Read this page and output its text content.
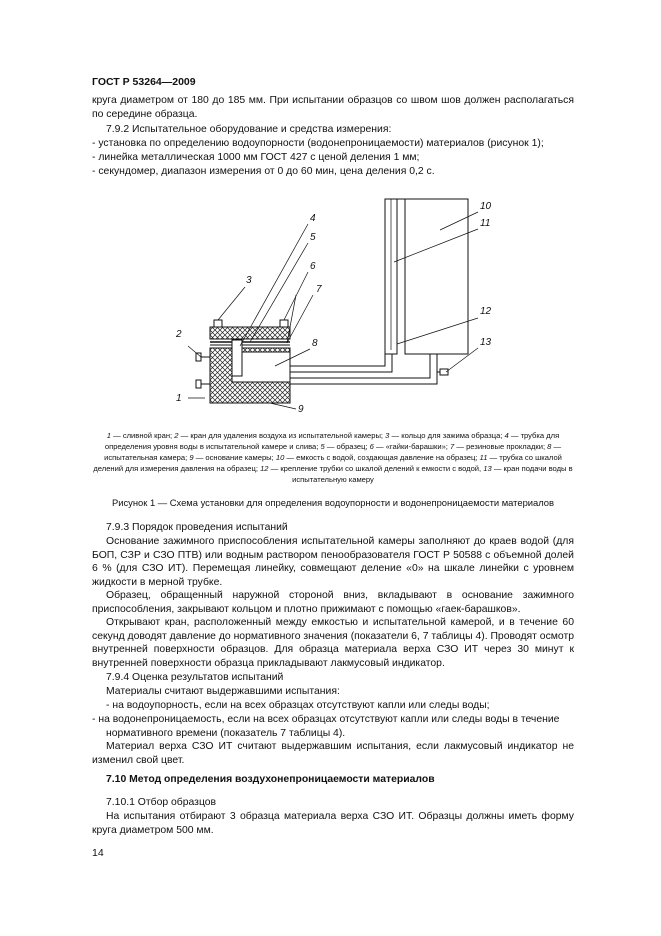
ГОСТ Р 53264—2009

круга диаметром от 180 до 185 мм. При испытании образцов со швом шов должен располагаться по середине образца.

7.9.2 Испытательное оборудование и средства измерения:

- установка по определению водоупорности (водонепроницаемости) материалов (рисунок 1);

- линейка металлическая 1000 мм ГОСТ 427 с ценой деления 1 мм;

- секундомер, диапазон измерения от 0 до 60 мин, цена деления 0,2 с.

1
2
3
4
5
6
7
8
9
10
11
12
13
1 — сливной кран; 2 — кран для удаления воздуха из испытательной камеры; 3 — кольцо для зажима образца; 4 — трубка для определения уровня воды в испытательной камере и слива; 5 — образец; 6 — «гайки-барашки»; 7 — резиновые прокладки; 8 — испытательная камера; 9 — основание камеры; 10 — емкость с водой, создающая давление на образец; 11 — трубка со шкалой делений для измерения давления на образец; 12 — крепление трубки со шкалой делений к емкости с водой, 13 — кран подачи воды в испытательную камеру
Рисунок 1 — Схема установки для определения водоупорности и водонепроницаемости материалов

7.9.3 Порядок проведения испытаний

Основание зажимного приспособления испытательной камеры заполняют до краев водой (для БОП, СЗР и СЗО ПТВ) или водным раствором пенообразователя ГОСТ Р 50588 с объемной долей 6 % (для СЗО ИТ). Перемещая линейку, совмещают деление «0» на шкале линейки с уровнем жидкости в мерной трубке.

Образец, обращенный наружной стороной вниз, вкладывают в основание зажимного приспособления, закрывают кольцом и плотно прижимают с помощью «гаек-барашков».

Открывают кран, расположенный между емкостью и испытательной камерой, и в течение 60 секунд доводят давление до нормативного значения (показатели 6, 7 таблицы 4). Проводят осмотр внутренней поверхности образцов. Для образца материала верха СЗО ИТ через 30 минут к внутренней поверхности образца прикладывают лакмусовый индикатор.

7.9.4 Оценка результатов испытаний

Материалы считают выдержавшими испытания:

- на водоупорность, если на всех образцах отсутствуют капли или следы воды;

- на водонепроницаемость, если на всех образцах отсутствуют капли или следы воды в течение нормативного времени (показатель 7 таблицы 4).

Материал верха СЗО ИТ считают выдержавшим испытания, если лакмусовый индикатор не изменил свой цвет.

7.10 Метод определения воздухонепроницаемости материалов

7.10.1 Отбор образцов

На испытания отбирают 3 образца материала верха СЗО ИТ. Образцы должны иметь форму круга диаметром 500 мм.

14
